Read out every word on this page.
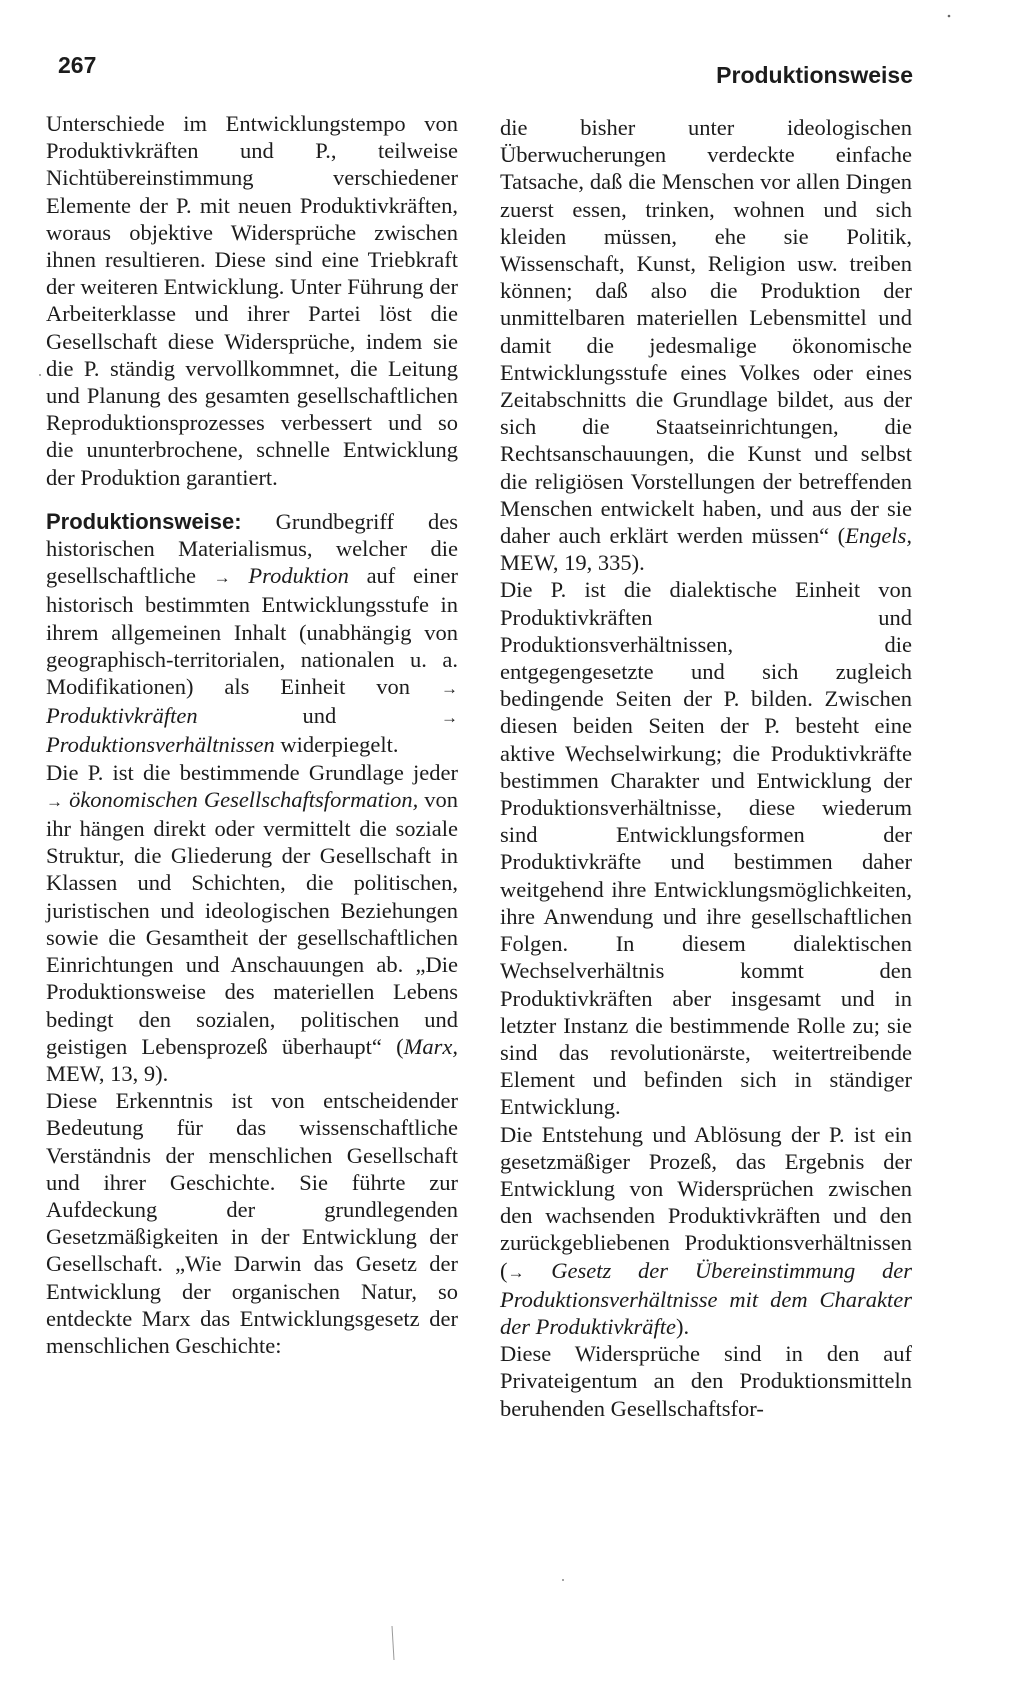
267	Produktionsweise

Unterschiede im Entwicklungstempo von Produktivkräften und P., teilweise Nichtübereinstimmung verschiedener Elemente der P. mit neuen Produktivkräften, woraus objektive Widersprüche zwischen ihnen resultieren. Diese sind eine Triebkraft der weiteren Entwicklung. Unter Führung der Arbeiterklasse und ihrer Partei löst die Gesellschaft diese Widersprüche, indem sie die P. ständig vervollkommnet, die Leitung und Planung des gesamten gesellschaftlichen Reproduktionsprozesses verbessert und so die ununterbrochene, schnelle Entwicklung der Produktion garantiert.

Produktionsweise: Grundbegriff des historischen Materialismus, welcher die gesellschaftliche → Produktion auf einer historisch bestimmten Entwicklungsstufe in ihrem allgemeinen Inhalt (unabhängig von geographisch-territorialen, nationalen u. a. Modifikationen) als Einheit von → Produktivkräften und → Produktionsverhältnissen widerpiegelt.

Die P. ist die bestimmende Grundlage jeder → ökonomischen Gesellschaftsformation, von ihr hängen direkt oder vermittelt die soziale Struktur, die Gliederung der Gesellschaft in Klassen und Schichten, die politischen, juristischen und ideologischen Beziehungen sowie die Gesamtheit der gesellschaftlichen Einrichtungen und Anschauungen ab. „Die Produktionsweise des materiellen Lebens bedingt den sozialen, politischen und geistigen Lebensprozeß überhaupt“ (Marx, MEW, 13, 9).

Diese Erkenntnis ist von entscheidender Bedeutung für das wissenschaftliche Verständnis der menschlichen Gesellschaft und ihrer Geschichte. Sie führte zur Aufdeckung der grundlegenden Gesetzmäßigkeiten in der Entwicklung der Gesellschaft. „Wie Darwin das Gesetz der Entwicklung der organischen Natur, so entdeckte Marx das Entwicklungsgesetz der menschlichen Geschichte:

die bisher unter ideologischen Überwucherungen verdeckte einfache Tatsache, daß die Menschen vor allen Dingen zuerst essen, trinken, wohnen und sich kleiden müssen, ehe sie Politik, Wissenschaft, Kunst, Religion usw. treiben können; daß also die Produktion der unmittelbaren materiellen Lebensmittel und damit die jedesmalige ökonomische Entwicklungsstufe eines Volkes oder eines Zeitabschnitts die Grundlage bildet, aus der sich die Staatseinrichtungen, die Rechtsanschauungen, die Kunst und selbst die religiösen Vorstellungen der betreffenden Menschen entwickelt haben, und aus der sie daher auch erklärt werden müssen“ (Engels, MEW, 19, 335).

Die P. ist die dialektische Einheit von Produktivkräften und Produktionsverhältnissen, die entgegengesetzte und sich zugleich bedingende Seiten der P. bilden. Zwischen diesen beiden Seiten der P. besteht eine aktive Wechselwirkung; die Produktivkräfte bestimmen Charakter und Entwicklung der Produktionsverhältnisse, diese wiederum sind Entwicklungsformen der Produktivkräfte und bestimmen daher weitgehend ihre Entwicklungsmöglichkeiten, ihre Anwendung und ihre gesellschaftlichen Folgen. In diesem dialektischen Wechselverhältnis kommt den Produktivkräften aber insgesamt und in letzter Instanz die bestimmende Rolle zu; sie sind das revolutionärste, weitertreibende Element und befinden sich in ständiger Entwicklung.

Die Entstehung und Ablösung der P. ist ein gesetzmäßiger Prozeß, das Ergebnis der Entwicklung von Widersprüchen zwischen den wachsenden Produktivkräften und den zurückgebliebenen Produktionsverhältnissen (→ Gesetz der Übereinstimmung der Produktionsverhältnisse mit dem Charakter der Produktivkräfte).

Diese Widersprüche sind in den auf Privateigentum an den Produktionsmitteln beruhenden Gesellschaftsfor-
